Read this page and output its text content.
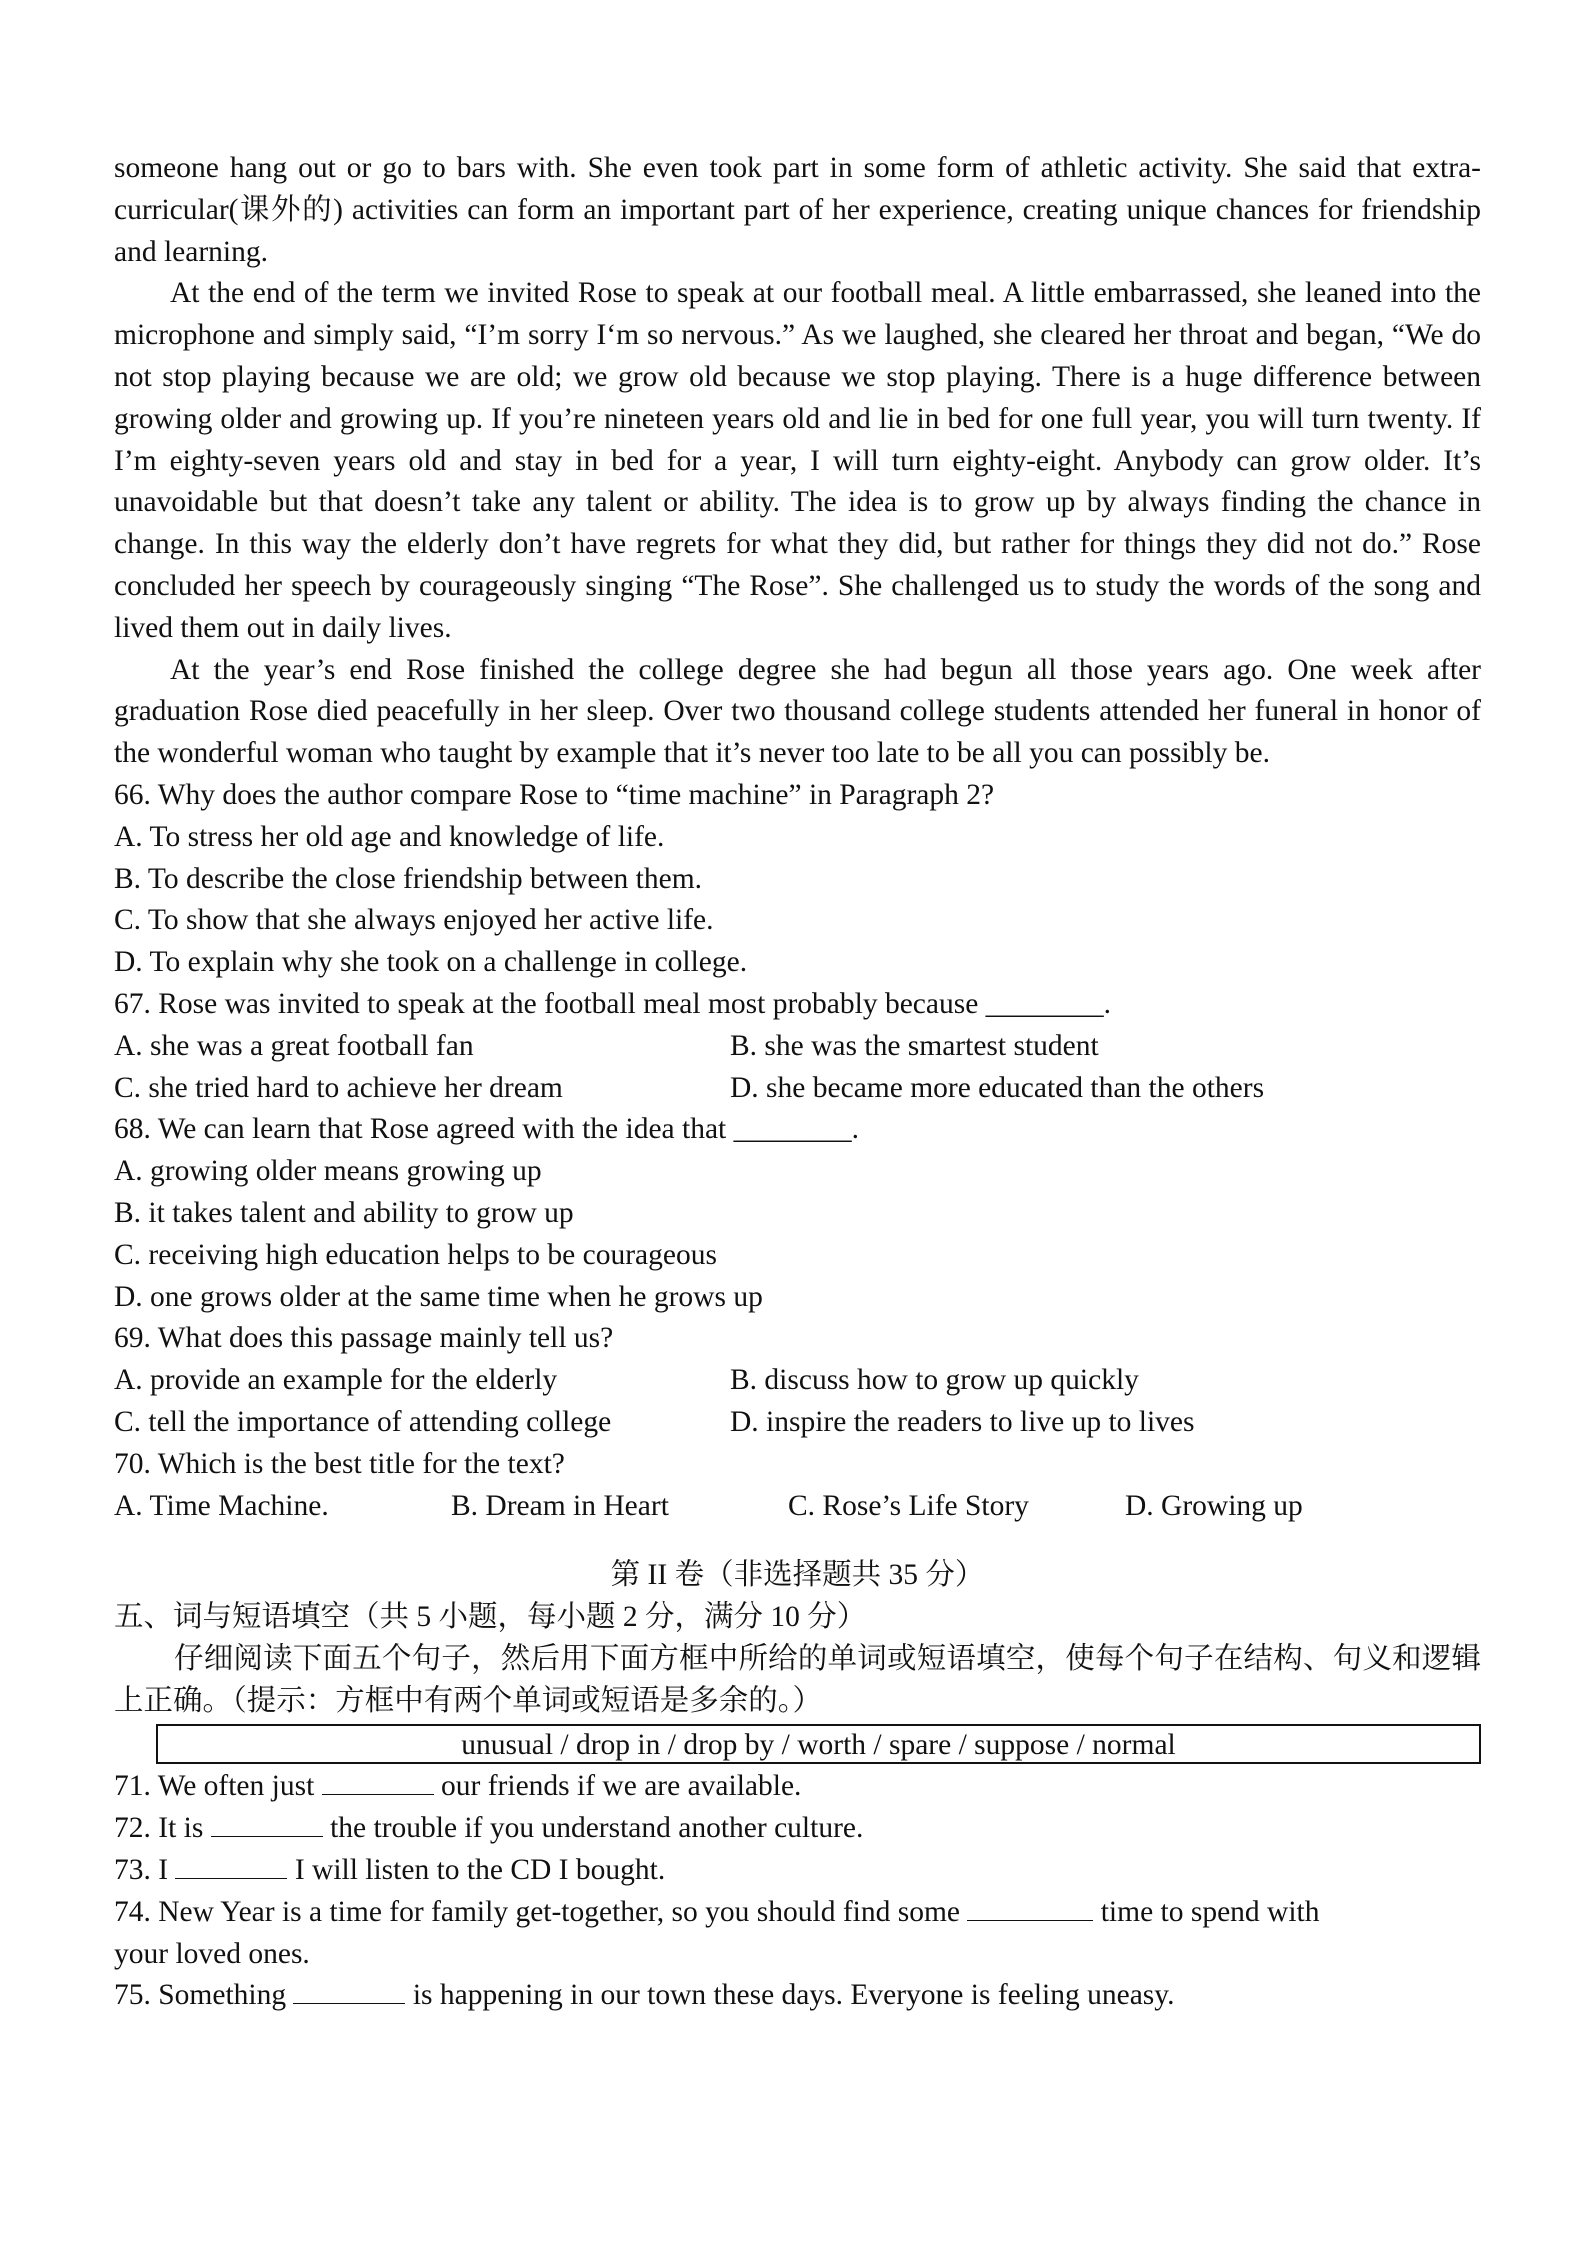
someone hang out or go to bars with. She even took part in some form of athletic activity. She said that extra-curricular(课外的) activities can form an important part of her experience, creating unique chances for friendship and learning.

At the end of the term we invited Rose to speak at our football meal. A little embarrassed, she leaned into the microphone and simply said, “I’m sorry I‘m so nervous.” As we laughed, she cleared her throat and began, “We do not stop playing because we are old; we grow old because we stop playing. There is a huge difference between growing older and growing up. If you’re nineteen years old and lie in bed for one full year, you will turn twenty. If I’m eighty-seven years old and stay in bed for a year, I will turn eighty-eight. Anybody can grow older. It’s unavoidable but that doesn’t take any talent or ability. The idea is to grow up by always finding the chance in change. In this way the elderly don’t have regrets for what they did, but rather for things they did not do.” Rose concluded her speech by courageously singing “The Rose”. She challenged us to study the words of the song and lived them out in daily lives.

At the year’s end Rose finished the college degree she had begun all those years ago. One week after graduation Rose died peacefully in her sleep. Over two thousand college students attended her funeral in honor of the wonderful woman who taught by example that it’s never too late to be all you can possibly be.

66. Why does the author compare Rose to “time machine” in Paragraph 2?

A. To stress her old age and knowledge of life.

B. To describe the close friendship between them.

C. To show that she always enjoyed her active life.

D. To explain why she took on a challenge in college.

67. Rose was invited to speak at the football meal most probably because ________.

A. she was a great football fan	B. she was the smartest student
C. she tried hard to achieve her dream	D. she became more educated than the others

68. We can learn that Rose agreed with the idea that ________.

A. growing older means growing up

B. it takes talent and ability to grow up

C. receiving high education helps to be courageous

D. one grows older at the same time when he grows up

69. What does this passage mainly tell us?

A. provide an example for the elderly	B. discuss how to grow up quickly
C. tell the importance of attending college	D. inspire the readers to live up to lives

70. Which is the best title for the text?

A. Time Machine.	B. Dream in Heart	C. Rose’s Life Story	D. Growing up

第 II 卷（非选择题共 35 分）

五、词与短语填空（共 5 小题，每小题 2 分，满分 10 分）

仔细阅读下面五个句子，然后用下面方框中所给的单词或短语填空，使每个句子在结构、句义和逻辑上正确。（提示：方框中有两个单词或短语是多余的。）

unusual / drop in / drop by / worth / spare / suppose / normal

71. We often just	our friends if we are available.

72. It is	the trouble if you understand another culture.

73. I	I will listen to the CD I bought.

74. New Year is a time for family get-together, so you should find some	time to spend with

your loved ones.

75. Something	is happening in our town these days. Everyone is feeling uneasy.
